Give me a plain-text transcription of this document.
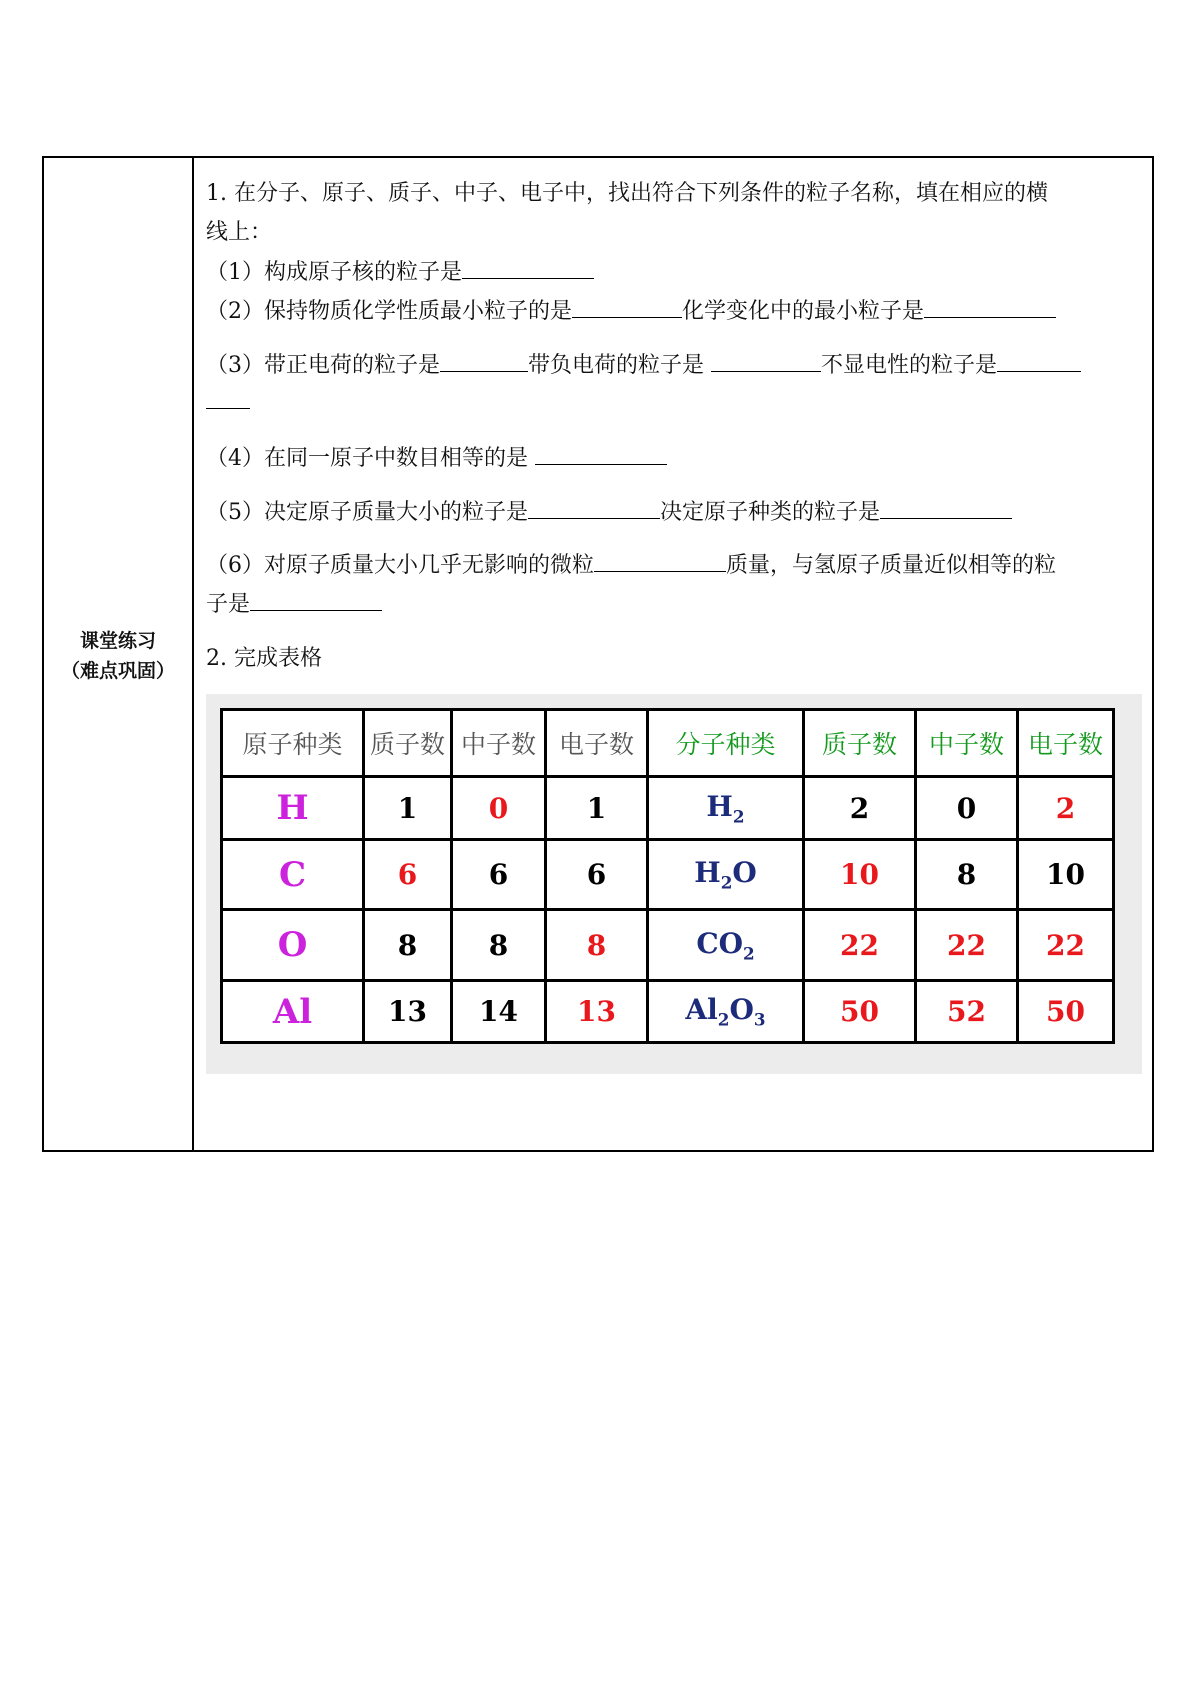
课堂练习
（难点巩固）
1. 在分子、原子、质子、中子、电子中，找出符合下列条件的粒子名称，填在相应的横
线上：
（1）构成原子核的粒子是
（2）保持物质化学性质最小粒子的是	化学变化中的最小粒子是
（3）带正电荷的粒子是	带负电荷的粒子是	不显电性的粒子是
（4）在同一原子中数目相等的是
（5）决定原子质量大小的粒子是	决定原子种类的粒子是
（6）对原子质量大小几乎无影响的微粒	质量，与氢原子质量近似相等的粒
子是
2. 完成表格
原子种类	质子数	中子数	电子数	分子种类	质子数	中子数	电子数
H	1	0	1	$H_2$	2	0	2
C	6	6	6	$H_2O$	10	8	10
O	8	8	8	$CO_2$	22	22	22
Al	13	14	13	$Al_2O_3$	50	52	50
